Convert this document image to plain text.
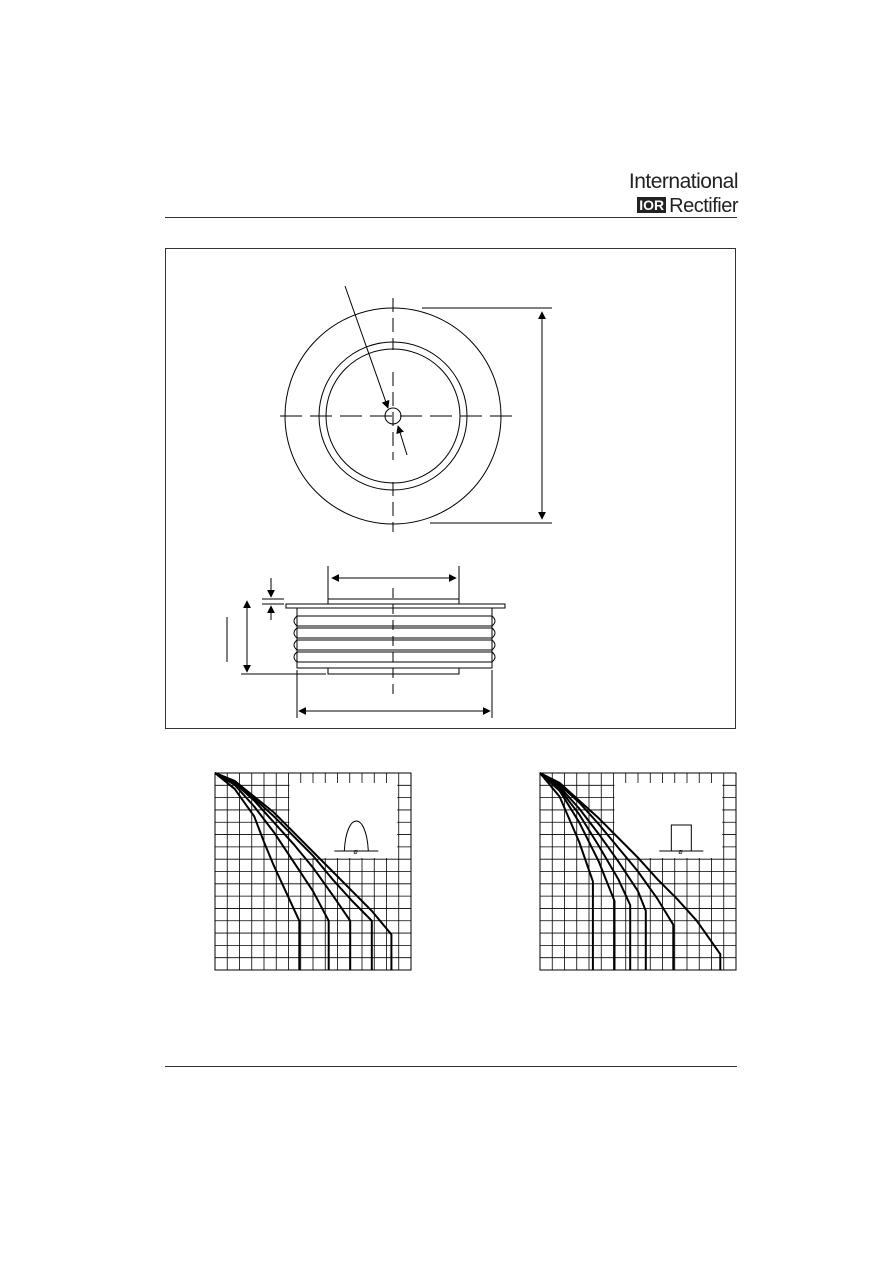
International
IOR Rectifier
ø	ø
